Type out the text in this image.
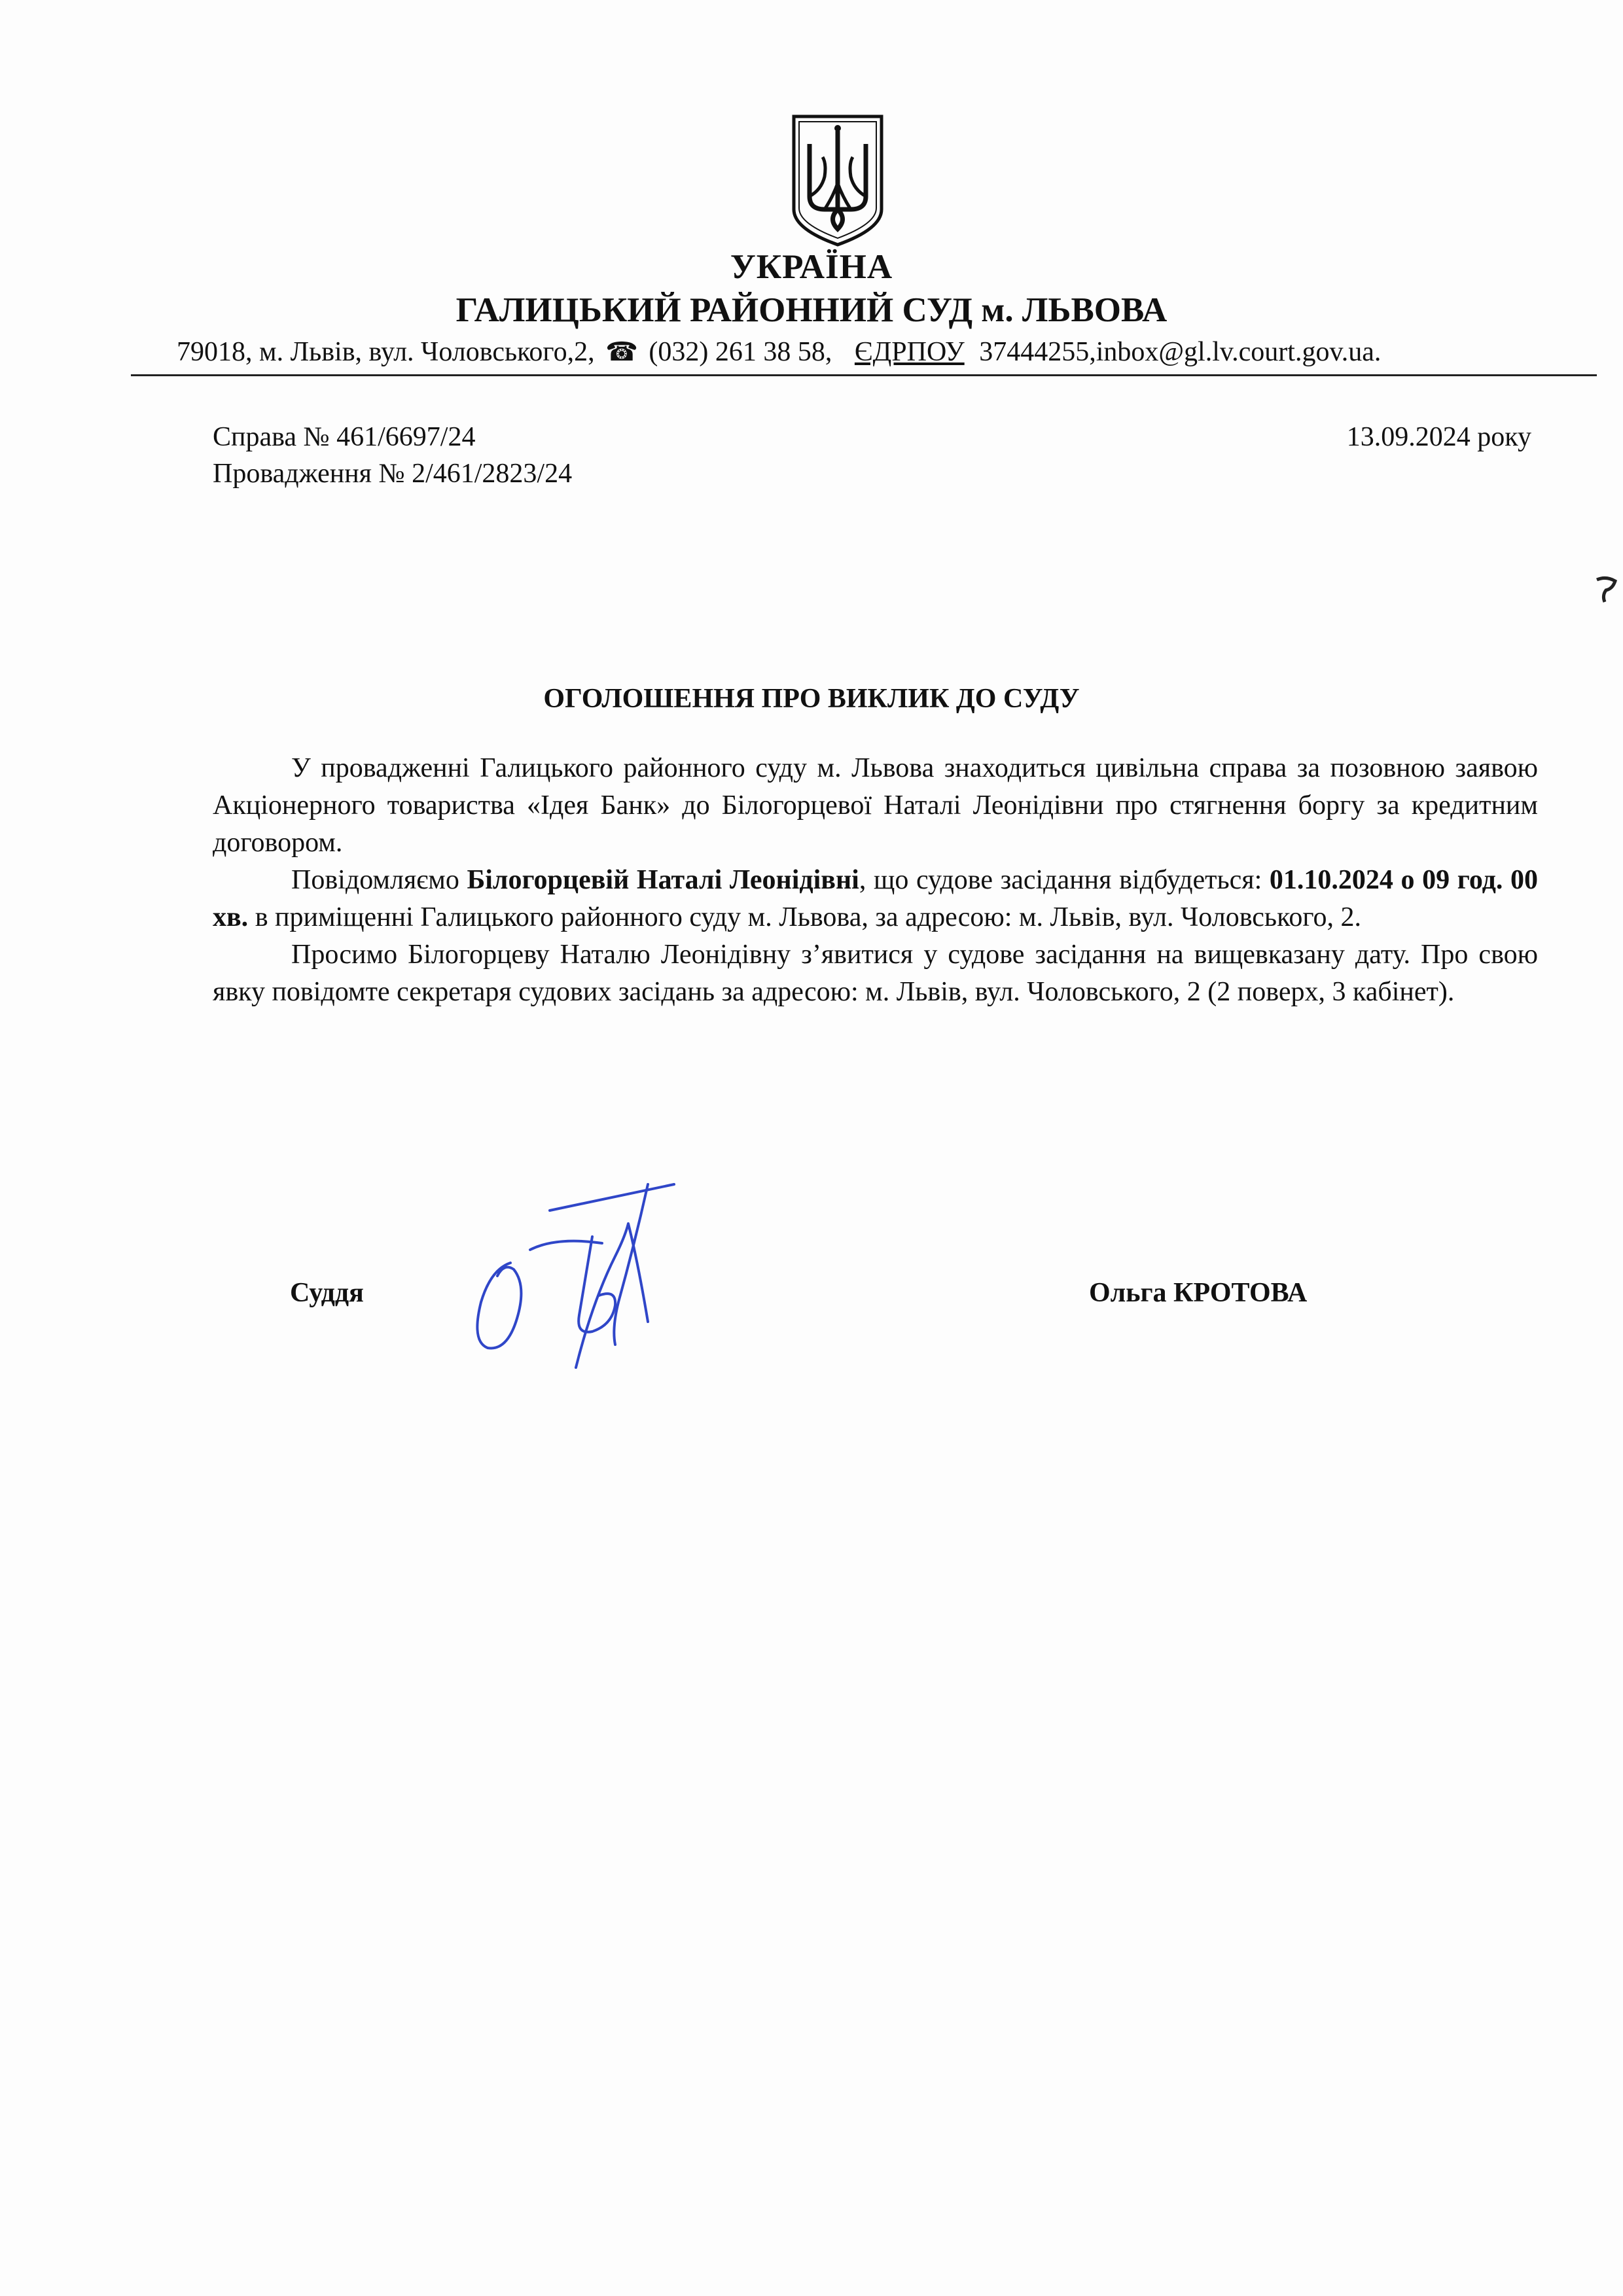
УКРАЇНА
ГАЛИЦЬКИЙ РАЙОННИЙ СУД м. ЛЬВОВА
79018, м. Львів, вул. Чоловського,2, ☎ (032) 261 38 58, ЄДРПОУ 37444255,inbox@gl.lv.court.gov.ua.
Справа № 461/6697/24
Провадження № 2/461/2823/24
13.09.2024 року
ОГОЛОШЕННЯ ПРО ВИКЛИК ДО СУДУ

У провадженні Галицького районного суду м. Львова знаходиться цивільна справа за позовною заявою Акціонерного товариства «Ідея Банк» до Білогорцевої Наталі Леонідівни про стягнення боргу за кредитним договором.

Повідомляємо Білогорцевій Наталі Леонідівні, що судове засідання відбудеться: 01.10.2024 о 09 год. 00 хв. в приміщенні Галицького районного суду м. Львова, за адресою: м. Львів, вул. Чоловського, 2.

Просимо Білогорцеву Наталю Леонідівну з’явитися у судове засідання на вищевказану дату. Про свою явку повідомте секретаря судових засідань за адресою: м. Львів, вул. Чоловського, 2 (2 поверх, 3 кабінет).

Суддя	Ольга КРОТОВА
